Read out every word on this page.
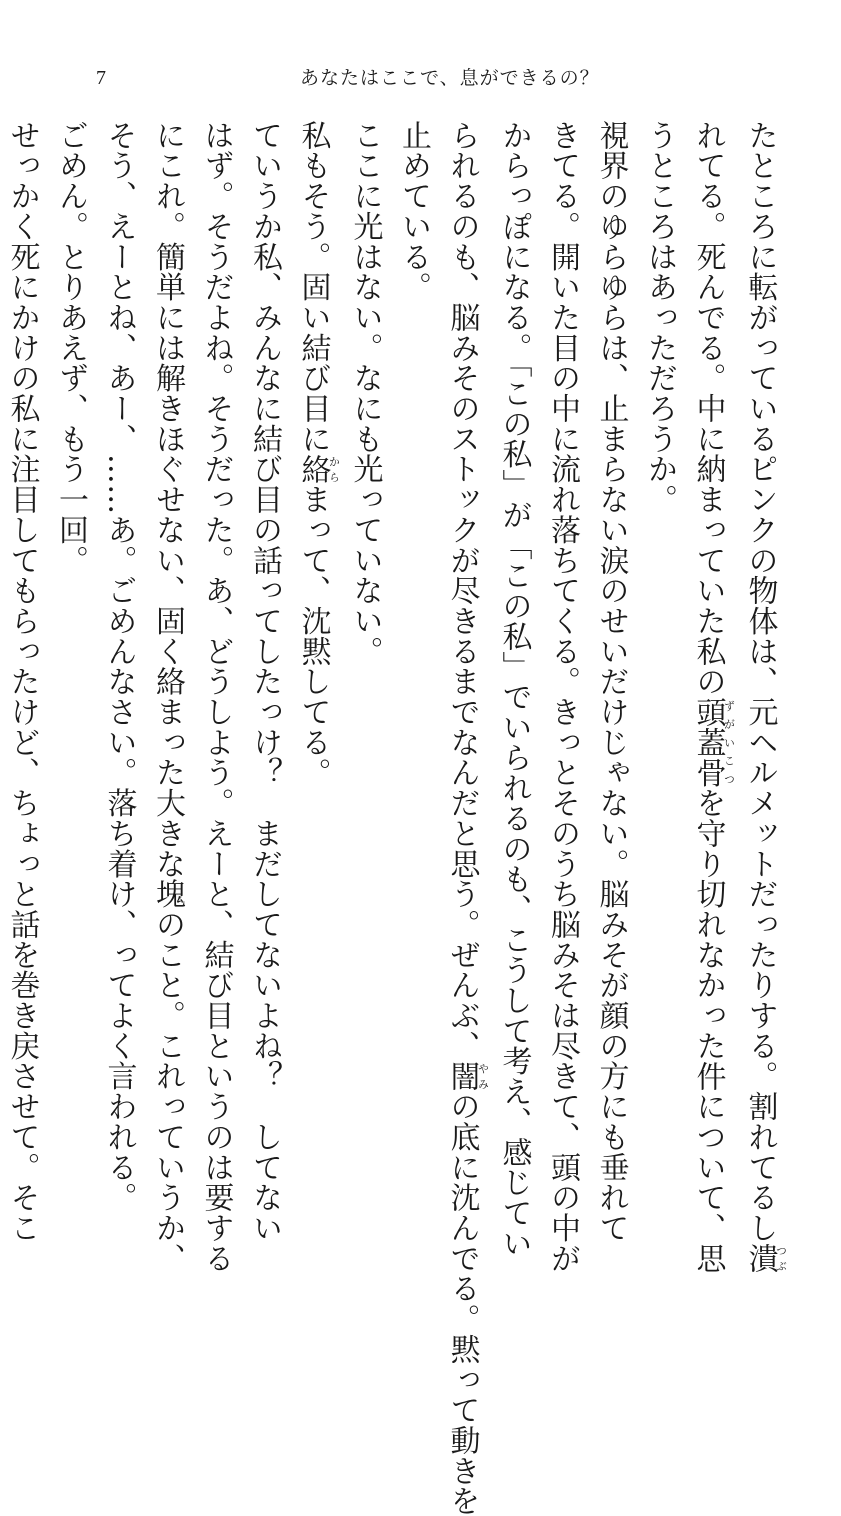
7	あなたはここで、息ができるの？
たところに転がっているピンクの物体は、元ヘルメットだったりする。割れてるし潰つぶ
れてる。死んでる。中に納まっていた私の頭蓋骨ずがいこつを守り切れなかった件について、思
うところはあっただろうか。
視界のゆらゆらは、止まらない涙のせいだけじゃない。脳みそが顔の方にも垂れて
きてる。開いた目の中に流れ落ちてくる。きっとそのうち脳みそは尽きて、頭の中が
からっぽになる。「この私」が「この私」でいられるのも、こうして考え、感じてい
られるのも、脳みそのストックが尽きるまでなんだと思う。ぜんぶ、闇やみの底に沈んでる。黙って動きを
止めている。
ここに光はない。なにも光っていない。
私もそう。固い結び目に絡からまって、沈黙してる。
ていうか私、みんなに結び目の話ってしたっけ？　まだしてないよね？　してない
はず。そうだよね。そうだった。あ、どうしよう。えーと、結び目というのは要する
にこれ。簡単には解きほぐせない、固く絡まった大きな塊のこと。これっていうか、
そう、えーとね、あー、……あ。ごめんなさい。落ち着け、ってよく言われる。
ごめん。とりあえず、もう一回。
せっかく死にかけの私に注目してもらったけど、ちょっと話を巻き戻させて。そこ
